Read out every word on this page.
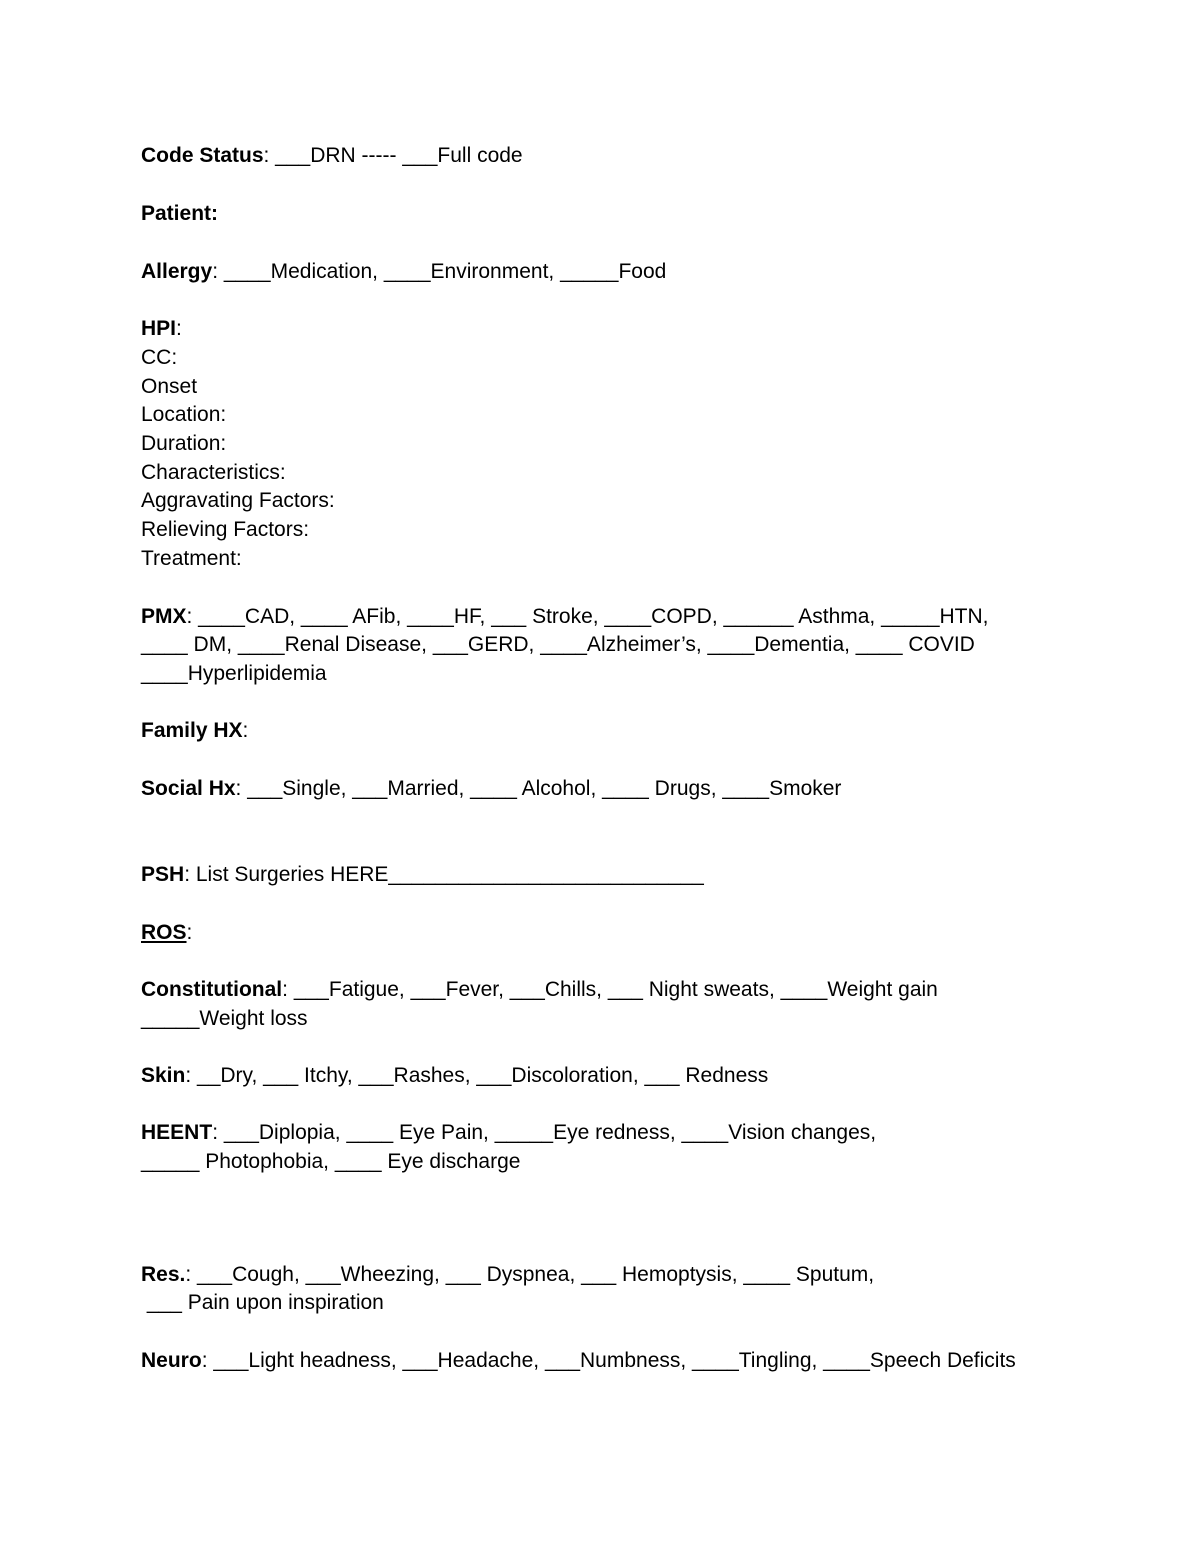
Code Status: ___DRN ----- ___Full code
Patient:
Allergy: ____Medication, ____Environment, _____Food
HPI:
CC:
Onset
Location:
Duration:
Characteristics:
Aggravating Factors:
Relieving Factors:
Treatment:
PMX: ____CAD, ____ AFib, ____HF, ___ Stroke, ____COPD, ______ Asthma, _____HTN,
____ DM, ____Renal Disease, ___GERD, ____Alzheimer’s, ____Dementia, ____ COVID
____Hyperlipidemia
Family HX:
Social Hx: ___Single, ___Married, ____ Alcohol, ____ Drugs, ____Smoker
PSH: List Surgeries HERE___________________________
ROS:
Constitutional: ___Fatigue, ___Fever, ___Chills, ___ Night sweats, ____Weight gain
_____Weight loss
Skin: __Dry, ___ Itchy, ___Rashes, ___Discoloration, ___ Redness
HEENT: ___Diplopia, ____ Eye Pain, _____Eye redness, ____Vision changes,
_____ Photophobia, ____ Eye discharge
Res.: ___Cough, ___Wheezing, ___ Dyspnea, ___ Hemoptysis, ____ Sputum,
___ Pain upon inspiration
Neuro: ___Light headness, ___Headache, ___Numbness, ____Tingling, ____Speech Deficits
